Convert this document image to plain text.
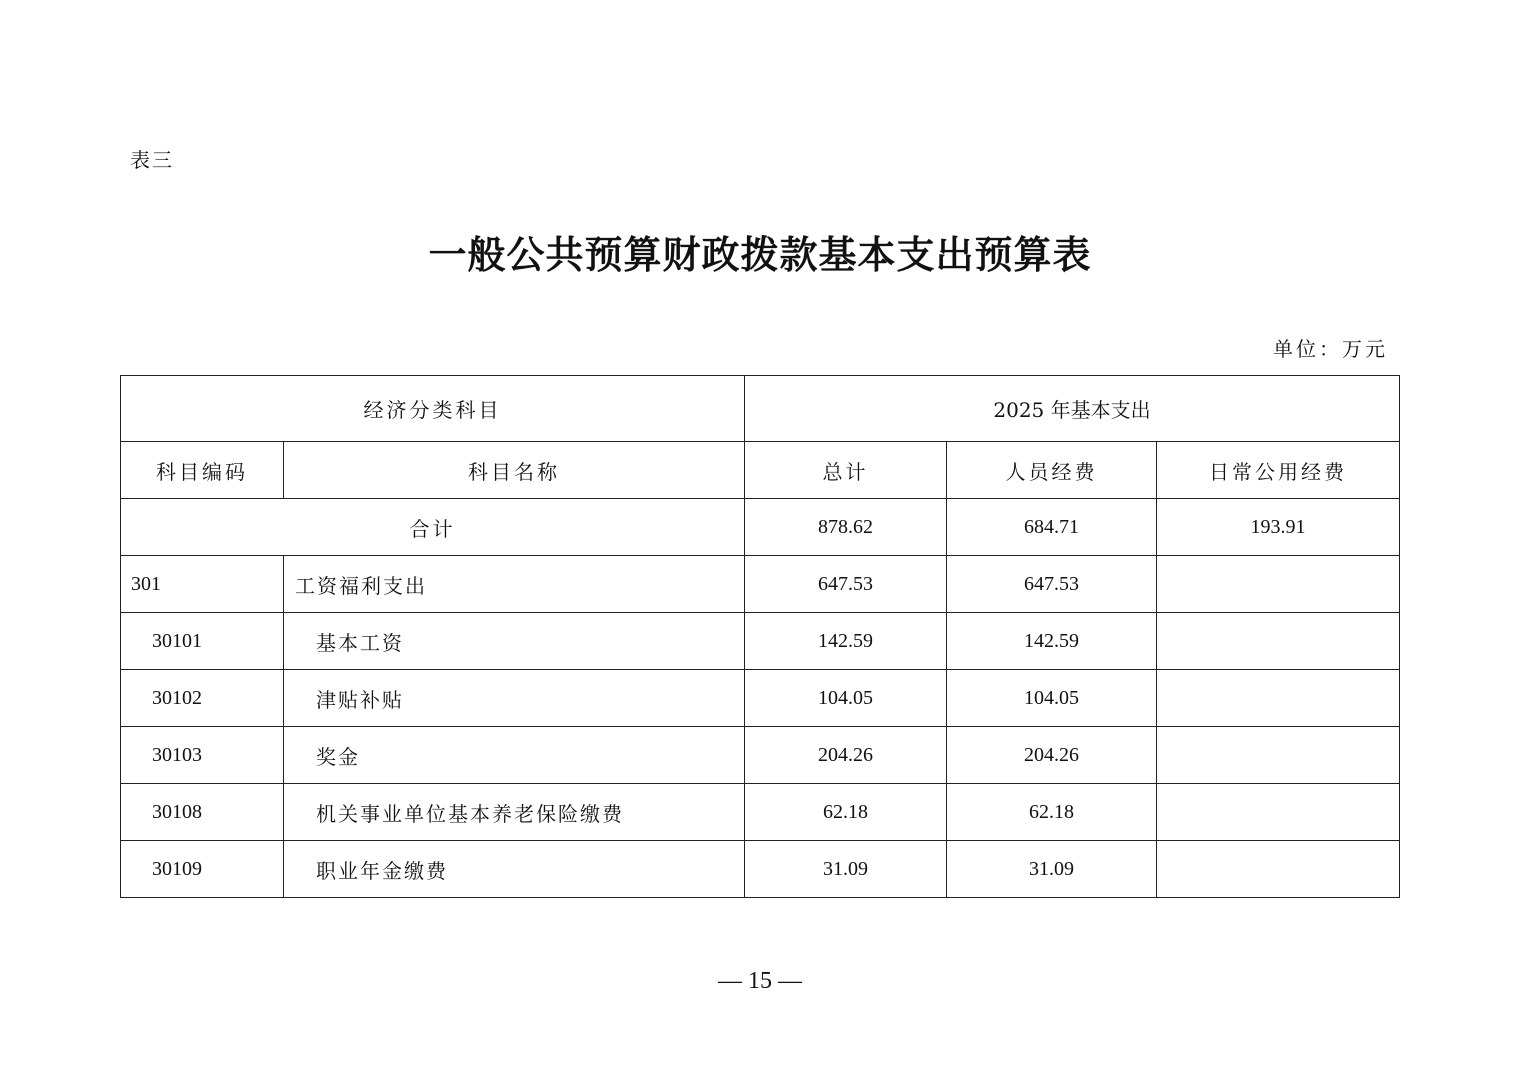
表三
一般公共预算财政拨款基本支出预算表
单位：万元
经济分类科目		2025 年基本支出		
科目编码	科目名称	总计	人员经费	日常公用经费
合计		878.62	684.71	193.91
301	工资福利支出	647.53	647.53	
30101	基本工资	142.59	142.59	
30102	津贴补贴	104.05	104.05	
30103	奖金	204.26	204.26	
30108	机关事业单位基本养老保险缴费	62.18	62.18	
30109	职业年金缴费	31.09	31.09	
— 15 —
